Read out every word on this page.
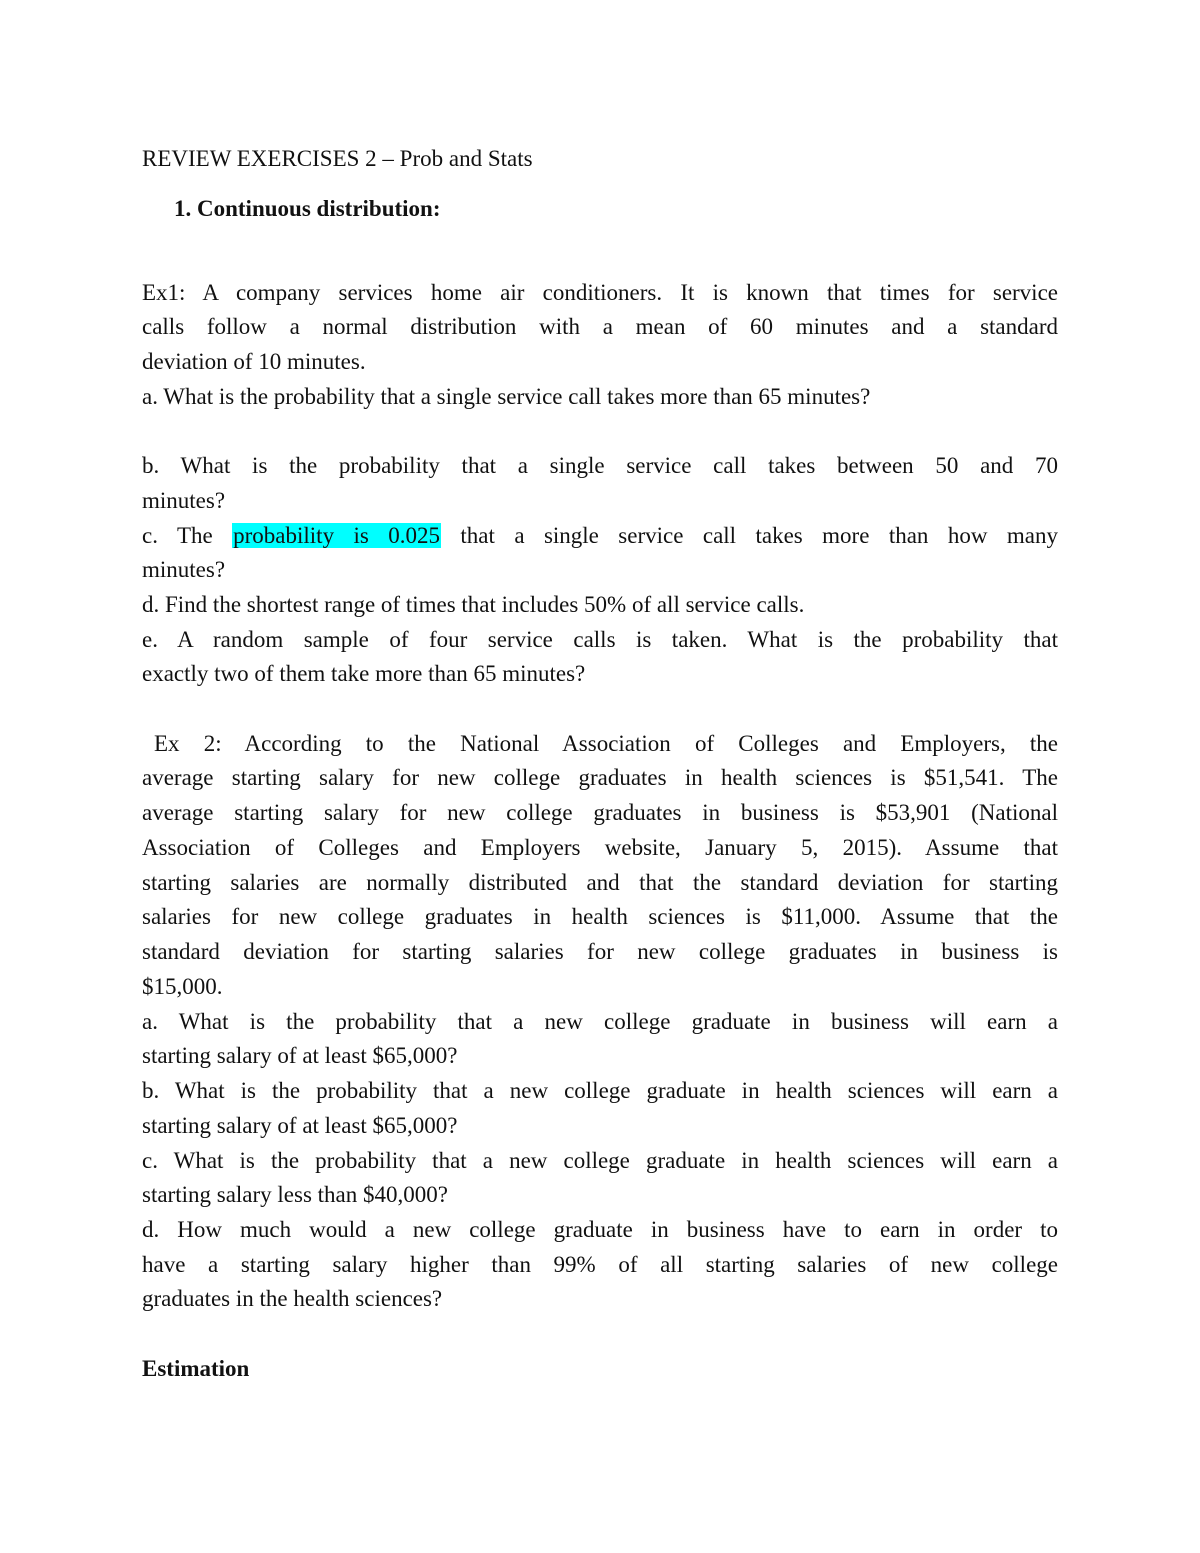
REVIEW EXERCISES 2 – Prob and Stats
1. Continuous distribution:
Ex1: A company services home air conditioners. It is known that times for service
calls follow a normal distribution with a mean of 60 minutes and a standard
deviation of 10 minutes.
a. What is the probability that a single service call takes more than 65 minutes?
b. What is the probability that a single service call takes between 50 and 70
minutes?
c. The probability is 0.025 that a single service call takes more than how many
minutes?
d. Find the shortest range of times that includes 50% of all service calls.
e. A random sample of four service calls is taken. What is the probability that
exactly two of them take more than 65 minutes?
Ex 2: According to the National Association of Colleges and Employers, the
average starting salary for new college graduates in health sciences is $51,541. The
average starting salary for new college graduates in business is $53,901 (National
Association of Colleges and Employers website, January 5, 2015). Assume that
starting salaries are normally distributed and that the standard deviation for starting
salaries for new college graduates in health sciences is $11,000. Assume that the
standard deviation for starting salaries for new college graduates in business is
$15,000.
a. What is the probability that a new college graduate in business will earn a
starting salary of at least $65,000?
b. What is the probability that a new college graduate in health sciences will earn a
starting salary of at least $65,000?
c. What is the probability that a new college graduate in health sciences will earn a
starting salary less than $40,000?
d. How much would a new college graduate in business have to earn in order to
have a starting salary higher than 99% of all starting salaries of new college
graduates in the health sciences?
Estimation
